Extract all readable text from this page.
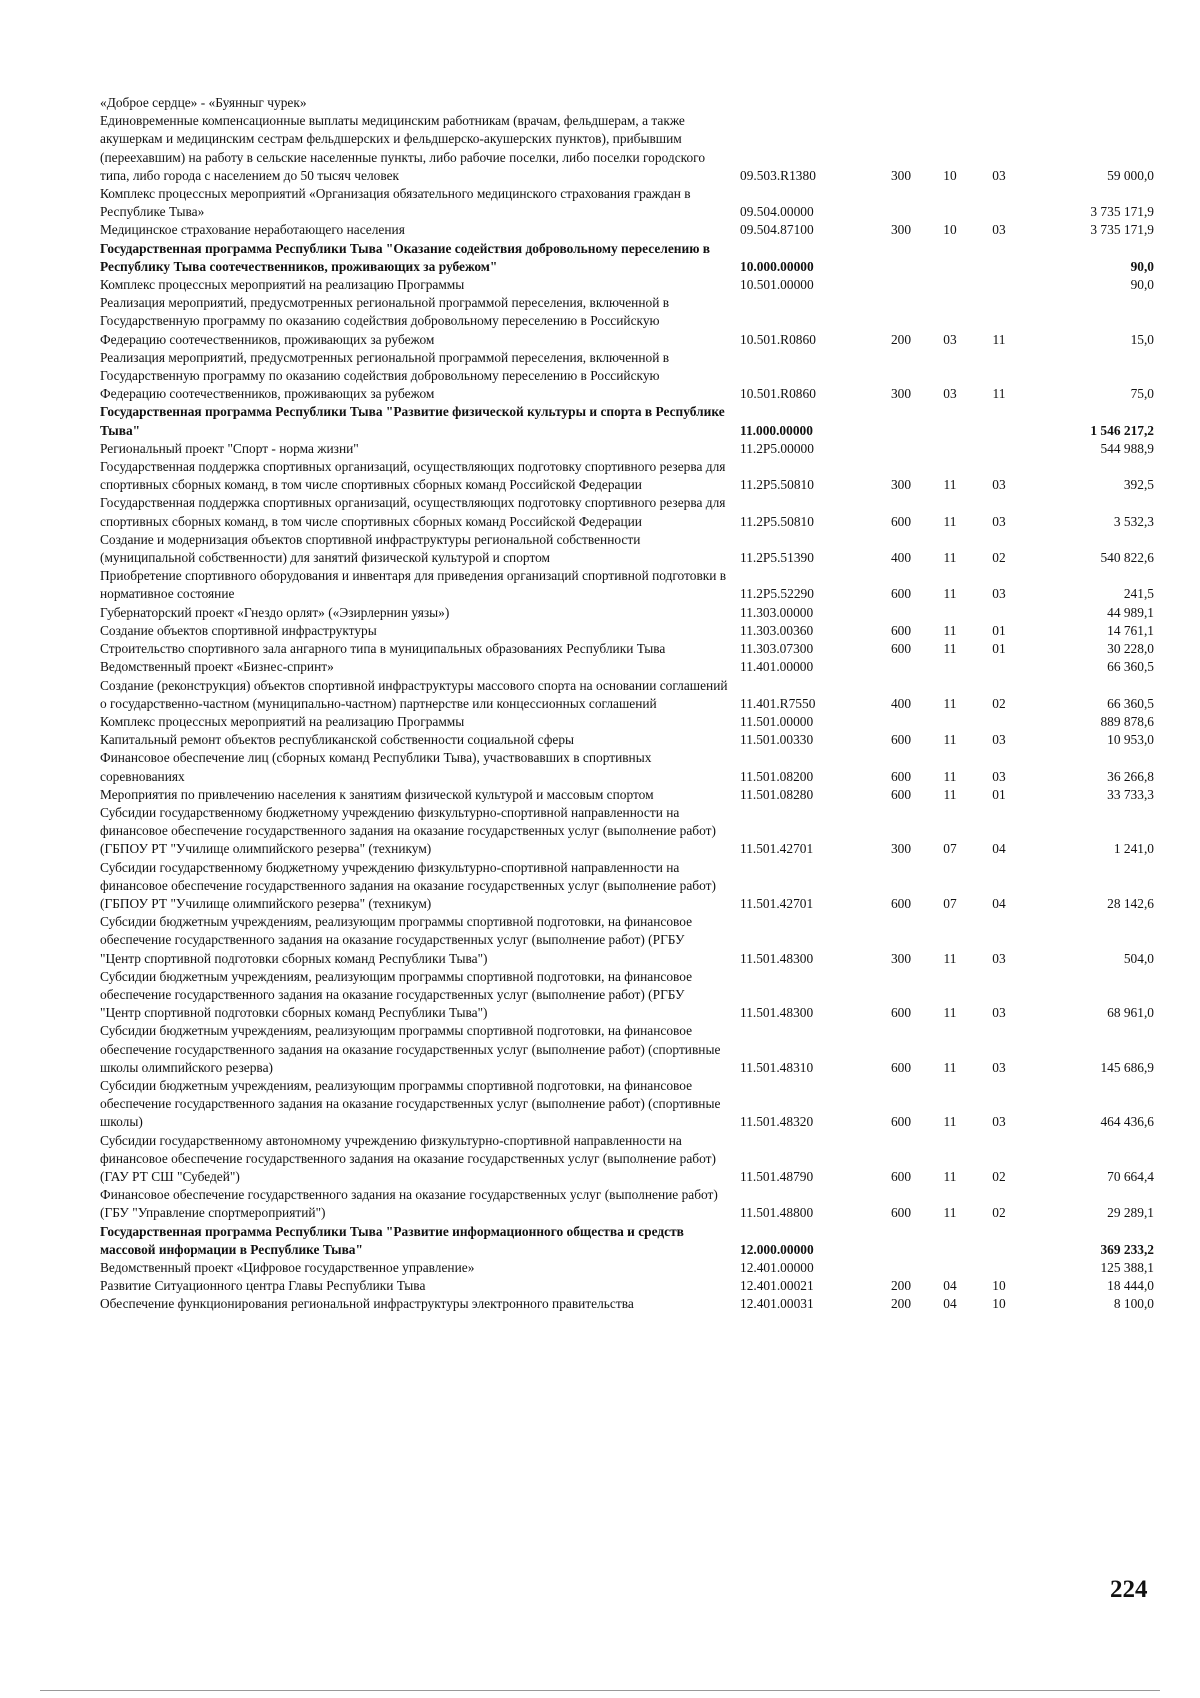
«Доброе сердце» - «Буянныг чурек»					
Единовременные компенсационные выплаты медицинским работникам (врачам, фельдшерам, а также акушеркам и медицинским сестрам фельдшерских и фельдшерско-акушерских пунктов), прибывшим (переехавшим) на работу в сельские населенные пункты, либо рабочие поселки, либо поселки городского типа, либо города с населением до 50 тысяч человек	09.503.R1380	300	10	03	59 000,0
Комплекс процессных мероприятий «Организация обязательного медицинского страхования граждан в Республике Тыва»	09.504.00000				3 735 171,9
Медицинское страхование неработающего населения	09.504.87100	300	10	03	3 735 171,9
Государственная программа Республики Тыва "Оказание содействия добровольному переселению в Республику Тыва соотечественников, проживающих за рубежом"	10.000.00000				90,0
Комплекс процессных мероприятий на реализацию Программы	10.501.00000				90,0
Реализация мероприятий, предусмотренных региональной программой переселения, включенной в Государственную программу по оказанию содействия добровольному переселению в Российскую Федерацию соотечественников, проживающих за рубежом	10.501.R0860	200	03	11	15,0
Реализация мероприятий, предусмотренных региональной программой переселения, включенной в Государственную программу по оказанию содействия добровольному переселению в Российскую Федерацию соотечественников, проживающих за рубежом	10.501.R0860	300	03	11	75,0
Государственная программа Республики Тыва "Развитие физической культуры и спорта в Республике Тыва"	11.000.00000				1 546 217,2
Региональный проект "Спорт - норма жизни"	11.2P5.00000				544 988,9
Государственная поддержка спортивных организаций, осуществляющих подготовку спортивного резерва для спортивных сборных команд, в том числе спортивных сборных команд Российской Федерации	11.2P5.50810	300	11	03	392,5
Государственная поддержка спортивных организаций, осуществляющих подготовку спортивного резерва для спортивных сборных команд, в том числе спортивных сборных команд Российской Федерации	11.2P5.50810	600	11	03	3 532,3
Создание и модернизация объектов спортивной инфраструктуры региональной собственности (муниципальной собственности) для занятий физической культурой и спортом	11.2P5.51390	400	11	02	540 822,6
Приобретение спортивного оборудования и инвентаря для приведения организаций спортивной подготовки в нормативное состояние	11.2P5.52290	600	11	03	241,5
Губернаторский проект «Гнездо орлят» («Эзирлернин уязы»)	11.303.00000				44 989,1
Создание объектов спортивной инфраструктуры	11.303.00360	600	11	01	14 761,1
Строительство спортивного зала ангарного типа в муниципальных образованиях Республики Тыва	11.303.07300	600	11	01	30 228,0
Ведомственный проект «Бизнес-спринт»	11.401.00000				66 360,5
Создание (реконструкция) объектов спортивной инфраструктуры массового спорта на основании соглашений о государственно-частном (муниципально-частном) партнерстве или концессионных соглашений	11.401.R7550	400	11	02	66 360,5
Комплекс процессных мероприятий на реализацию Программы	11.501.00000				889 878,6
Капитальный ремонт объектов республиканской собственности социальной сферы	11.501.00330	600	11	03	10 953,0
Финансовое обеспечение лиц (сборных команд Республики Тыва), участвовавших в спортивных соревнованиях	11.501.08200	600	11	03	36 266,8
Мероприятия по привлечению населения к занятиям физической культурой и массовым спортом	11.501.08280	600	11	01	33 733,3
Субсидии государственному бюджетному учреждению физкультурно-спортивной направленности на финансовое обеспечение государственного задания на оказание государственных услуг (выполнение работ) (ГБПОУ РТ "Училище олимпийского резерва" (техникум)	11.501.42701	300	07	04	1 241,0
Субсидии государственному бюджетному учреждению физкультурно-спортивной направленности на финансовое обеспечение государственного задания на оказание государственных услуг (выполнение работ) (ГБПОУ РТ "Училище олимпийского резерва" (техникум)	11.501.42701	600	07	04	28 142,6
Субсидии бюджетным учреждениям, реализующим программы спортивной подготовки, на финансовое обеспечение государственного задания на оказание государственных услуг (выполнение работ) (РГБУ "Центр спортивной подготовки сборных команд Республики Тыва")	11.501.48300	300	11	03	504,0
Субсидии бюджетным учреждениям, реализующим программы спортивной подготовки, на финансовое обеспечение государственного задания на оказание государственных услуг (выполнение работ) (РГБУ "Центр спортивной подготовки сборных команд Республики Тыва")	11.501.48300	600	11	03	68 961,0
Субсидии бюджетным учреждениям, реализующим программы спортивной подготовки, на финансовое обеспечение государственного задания на оказание государственных услуг (выполнение работ) (спортивные школы олимпийского резерва)	11.501.48310	600	11	03	145 686,9
Субсидии бюджетным учреждениям, реализующим программы спортивной подготовки, на финансовое обеспечение государственного задания на оказание государственных услуг (выполнение работ) (спортивные школы)	11.501.48320	600	11	03	464 436,6
Субсидии государственному автономному учреждению физкультурно-спортивной направленности на финансовое обеспечение государственного задания на оказание государственных услуг (выполнение работ) (ГАУ РТ СШ "Субедей")	11.501.48790	600	11	02	70 664,4
Финансовое обеспечение государственного задания на оказание государственных услуг (выполнение работ) (ГБУ "Управление спортмероприятий")	11.501.48800	600	11	02	29 289,1
Государственная программа Республики Тыва "Развитие информационного общества и средств массовой информации в Республике Тыва"	12.000.00000				369 233,2
Ведомственный проект «Цифровое государственное управление»	12.401.00000				125 388,1
Развитие Ситуационного центра Главы Республики Тыва	12.401.00021	200	04	10	18 444,0
Обеспечение функционирования региональной инфраструктуры электронного правительства	12.401.00031	200	04	10	8 100,0
224
